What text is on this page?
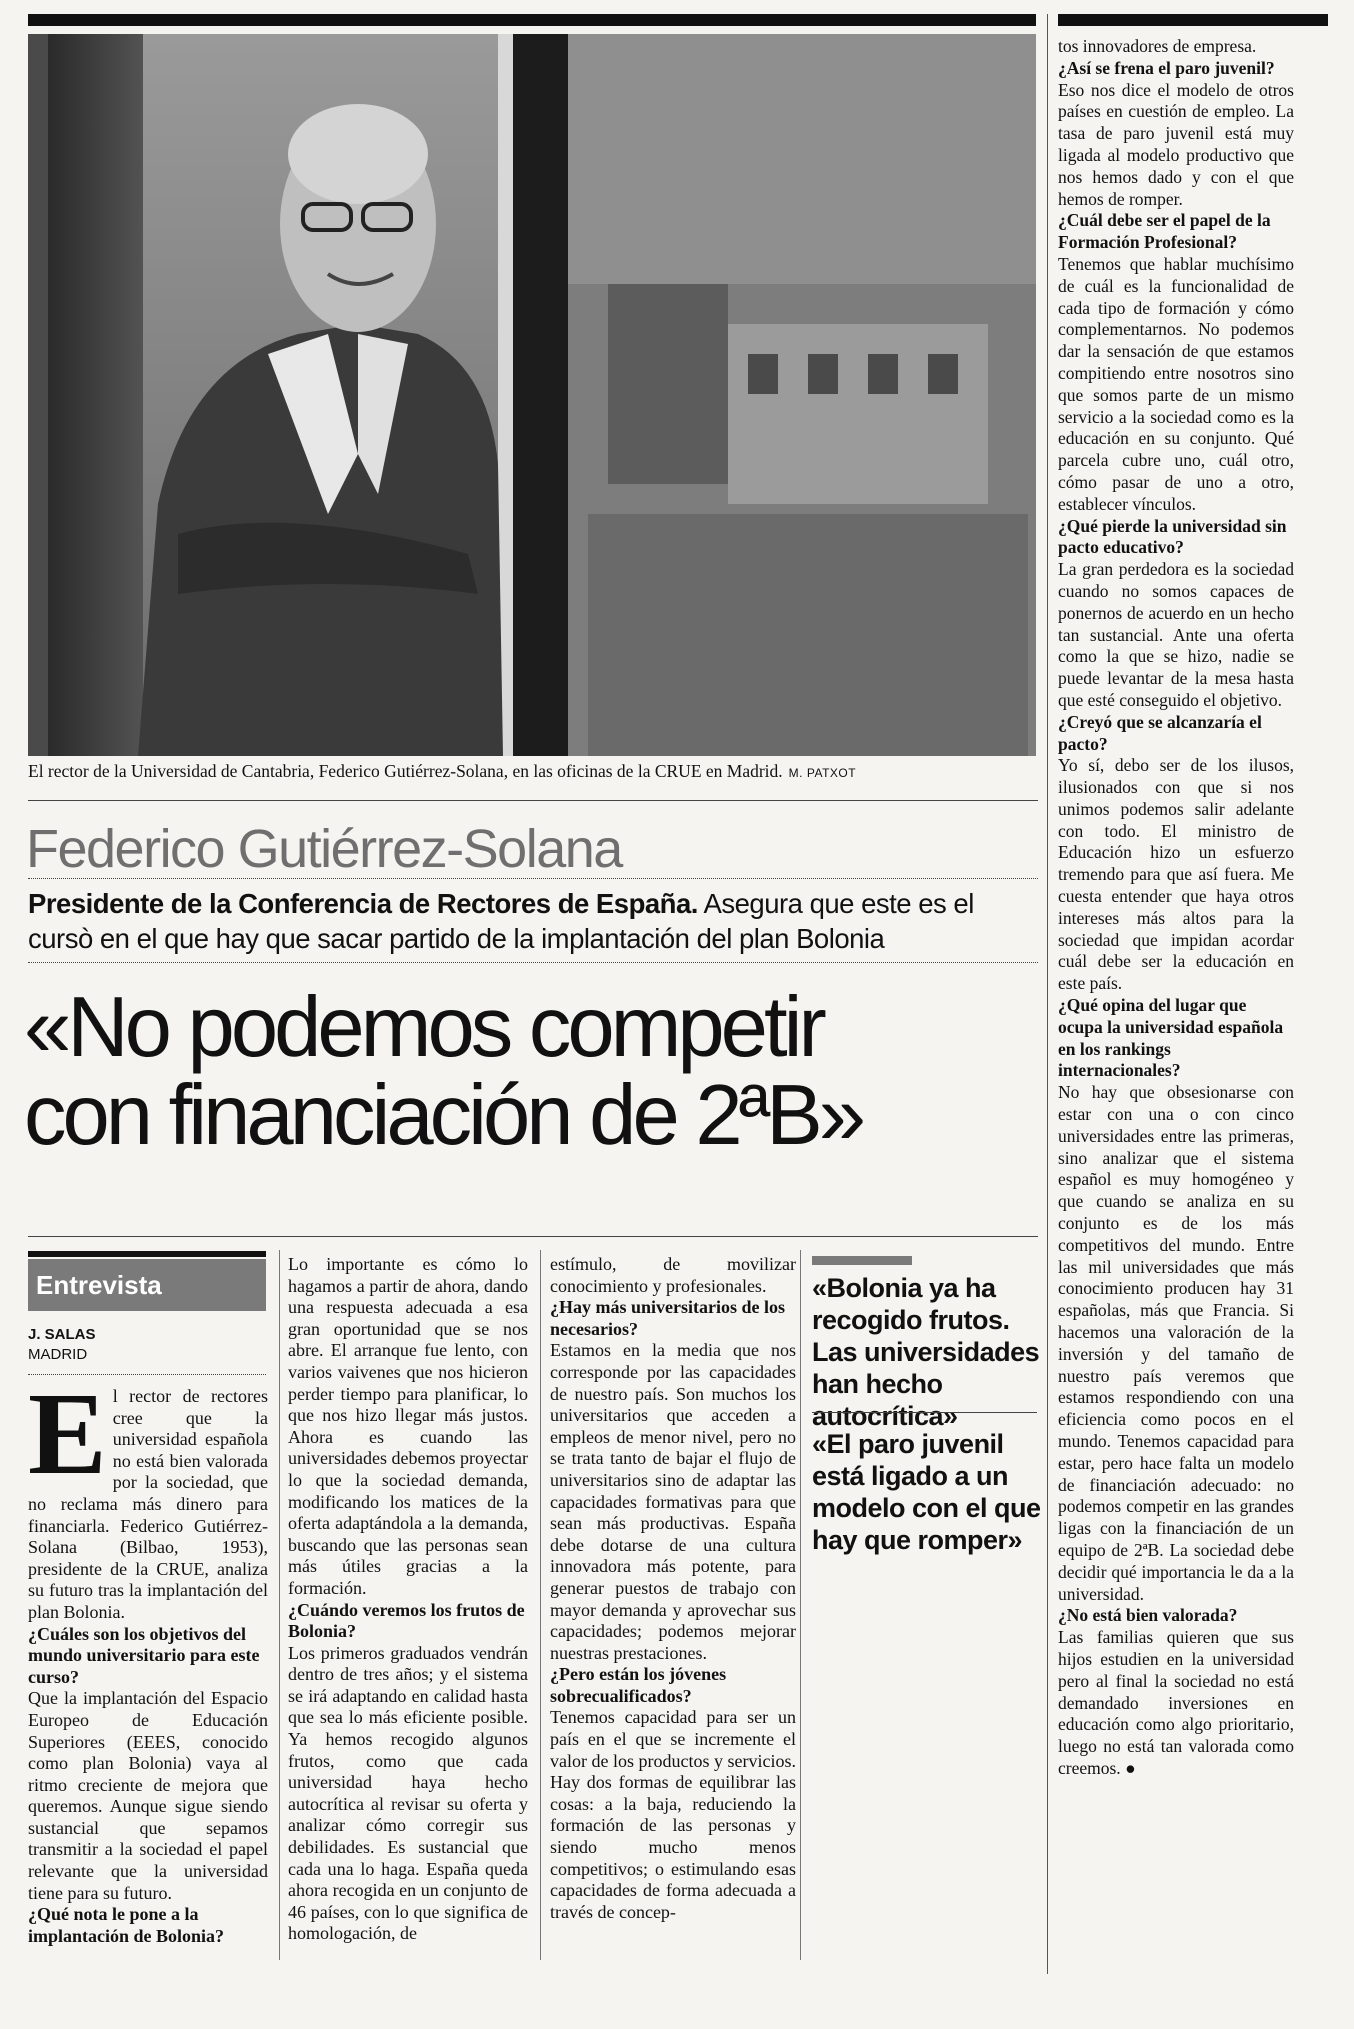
El rector de la Universidad de Cantabria, Federico Gutiérrez-Solana, en las oficinas de la CRUE en Madrid. M. PATXOT
Federico Gutiérrez-Solana
Presidente de la Conferencia de Rectores de España. Asegura que este es el cursò en el que hay que sacar partido de la implantación del plan Bolonia
«No podemos competir
con financiación de 2ªB»
Entrevista
J. SALAS
MADRID

El rector de rectores cree que la universidad española no está bien valorada por la sociedad, que no reclama más dinero para financiarla. Federico Gutiérrez-Solana (Bilbao, 1953), presidente de la CRUE, analiza su futuro tras la implantación del plan Bolonia.

¿Cuáles son los objetivos del mundo universitario para este curso?

Que la implantación del Espacio Europeo de Educación Superiores (EEES, conocido como plan Bolonia) vaya al ritmo creciente de mejora que queremos. Aunque sigue siendo sustancial que sepamos transmitir a la sociedad el papel relevante que la universidad tiene para su futuro.

¿Qué nota le pone a la implantación de Bolonia?

Lo importante es cómo lo hagamos a partir de ahora, dando una respuesta adecuada a esa gran oportunidad que se nos abre. El arranque fue lento, con varios vaivenes que nos hicieron perder tiempo para planificar, lo que nos hizo llegar más justos. Ahora es cuando las universidades debemos proyectar lo que la sociedad demanda, modificando los matices de la oferta adaptándola a la demanda, buscando que las personas sean más útiles gracias a la formación.

¿Cuándo veremos los frutos de Bolonia?

Los primeros graduados vendrán dentro de tres años; y el sistema se irá adaptando en calidad hasta que sea lo más eficiente posible. Ya hemos recogido algunos frutos, como que cada universidad haya hecho autocrítica al revisar su oferta y analizar cómo corregir sus debilidades. Es sustancial que cada una lo haga. España queda ahora recogida en un conjunto de 46 países, con lo que significa de homologación, de

estímulo, de movilizar conocimiento y profesionales.

¿Hay más universitarios de los necesarios?

Estamos en la media que nos corresponde por las capacidades de nuestro país. Son muchos los universitarios que acceden a empleos de menor nivel, pero no se trata tanto de bajar el flujo de universitarios sino de adaptar las capacidades formativas para que sean más productivas. España debe dotarse de una cultura innovadora más potente, para generar puestos de trabajo con mayor demanda y aprovechar sus capacidades; podemos mejorar nuestras prestaciones.

¿Pero están los jóvenes sobrecualificados?

Tenemos capacidad para ser un país en el que se incremente el valor de los productos y servicios. Hay dos formas de equilibrar las cosas: a la baja, reduciendo la formación de las personas y siendo mucho menos competitivos; o estimulando esas capacidades de forma adecuada a través de concep-

«Bolonia ya ha recogido frutos. Las universidades han hecho autocrítica»
«El paro juvenil está ligado a un modelo con el que hay que romper»

tos innovadores de empresa.

¿Así se frena el paro juvenil?

Eso nos dice el modelo de otros países en cuestión de empleo. La tasa de paro juvenil está muy ligada al modelo productivo que nos hemos dado y con el que hemos de romper.

¿Cuál debe ser el papel de la Formación Profesional?

Tenemos que hablar muchísimo de cuál es la funcionalidad de cada tipo de formación y cómo complementarnos. No podemos dar la sensación de que estamos compitiendo entre nosotros sino que somos parte de un mismo servicio a la sociedad como es la educación en su conjunto. Qué parcela cubre uno, cuál otro, cómo pasar de uno a otro, establecer vínculos.

¿Qué pierde la universidad sin pacto educativo?

La gran perdedora es la sociedad cuando no somos capaces de ponernos de acuerdo en un hecho tan sustancial. Ante una oferta como la que se hizo, nadie se puede levantar de la mesa hasta que esté conseguido el objetivo.

¿Creyó que se alcanzaría el pacto?

Yo sí, debo ser de los ilusos, ilusionados con que si nos unimos podemos salir adelante con todo. El ministro de Educación hizo un esfuerzo tremendo para que así fuera. Me cuesta entender que haya otros intereses más altos para la sociedad que impidan acordar cuál debe ser la educación en este país.

¿Qué opina del lugar que ocupa la universidad española en los rankings internacionales?

No hay que obsesionarse con estar con una o con cinco universidades entre las primeras, sino analizar que el sistema español es muy homogéneo y que cuando se analiza en su conjunto es de los más competitivos del mundo. Entre las mil universidades que más conocimiento producen hay 31 españolas, más que Francia. Si hacemos una valoración de la inversión y del tamaño de nuestro país veremos que estamos respondiendo con una eficiencia como pocos en el mundo. Tenemos capacidad para estar, pero hace falta un modelo de financiación adecuado: no podemos competir en las grandes ligas con la financiación de un equipo de 2ªB. La sociedad debe decidir qué importancia le da a la universidad.

¿No está bien valorada?

Las familias quieren que sus hijos estudien en la universidad pero al final la sociedad no está demandado inversiones en educación como algo prioritario, luego no está tan valorada como creemos. ●
